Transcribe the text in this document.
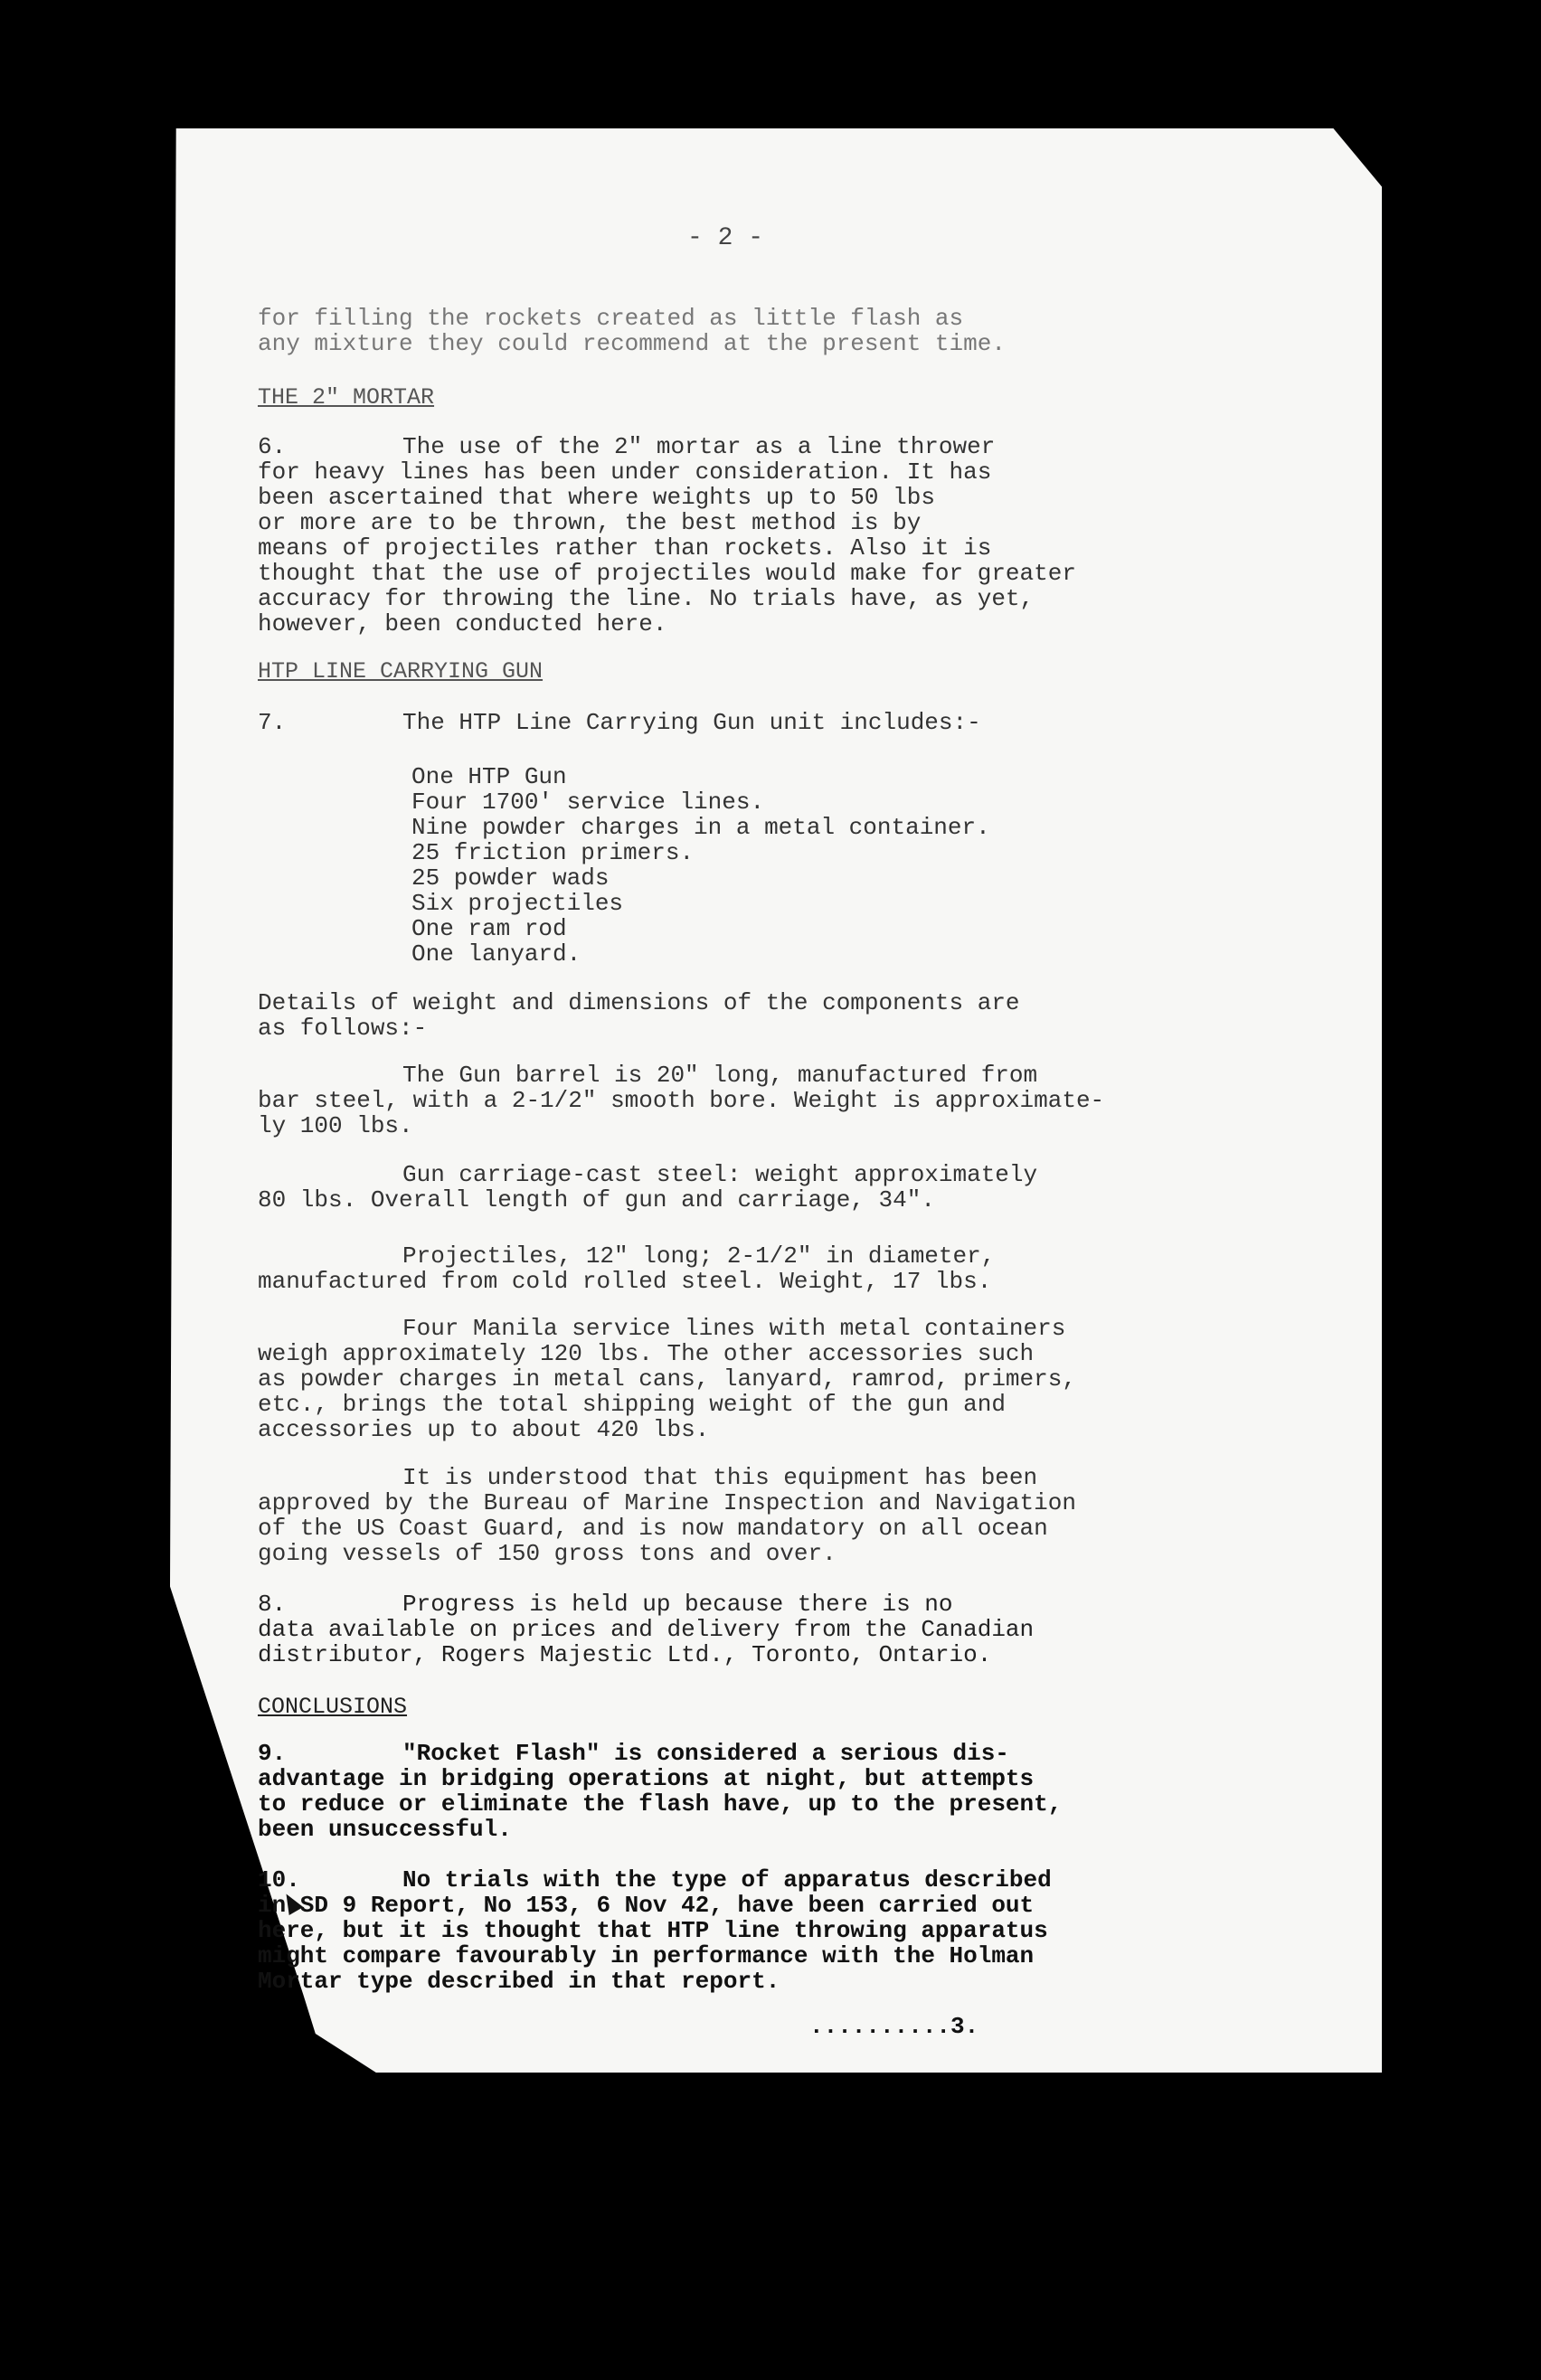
- 2 -
for filling the rockets created as little flash as
any mixture they could recommend at the present time.
THE 2" MORTAR
6.	The use of the 2" mortar as a line thrower
for heavy lines has been under consideration. It has
been ascertained that where weights up to 50 lbs
or more are to be thrown, the best method is by
means of projectiles rather than rockets. Also it is
thought that the use of projectiles would make for greater
accuracy for throwing the line. No trials have, as yet,
however, been conducted here.
HTP LINE CARRYING GUN
7.	The HTP Line Carrying Gun unit includes:-
One HTP Gun
Four 1700' service lines.
Nine powder charges in a metal container.
25 friction primers.
25 powder wads
Six projectiles
One ram rod
One lanyard.
Details of weight and dimensions of the components are
as follows:-
The Gun barrel is 20" long, manufactured from
bar steel, with a 2-1/2" smooth bore. Weight is approximate-
ly 100 lbs.
Gun carriage-cast steel: weight approximately
80 lbs. Overall length of gun and carriage, 34".
Projectiles, 12" long; 2-1/2" in diameter,
manufactured from cold rolled steel. Weight, 17 lbs.
Four Manila service lines with metal containers
weigh approximately 120 lbs. The other accessories such
as powder charges in metal cans, lanyard, ramrod, primers,
etc., brings the total shipping weight of the gun and
accessories up to about 420 lbs.
It is understood that this equipment has been
approved by the Bureau of Marine Inspection and Navigation
of the US Coast Guard, and is now mandatory on all ocean
going vessels of 150 gross tons and over.
8.	Progress is held up because there is no
data available on prices and delivery from the Canadian
distributor, Rogers Majestic Ltd., Toronto, Ontario.
CONCLUSIONS
9.	"Rocket Flash" is considered a serious dis-
advantage in bridging operations at night, but attempts
to reduce or eliminate the flash have, up to the present,
been unsuccessful.
10.	No trials with the type of apparatus described
in SD 9 Report, No 153, 6 Nov 42, have been carried out
here, but it is thought that HTP line throwing apparatus
might compare favourably in performance with the Holman
Mortar type described in that report.
..........3.
